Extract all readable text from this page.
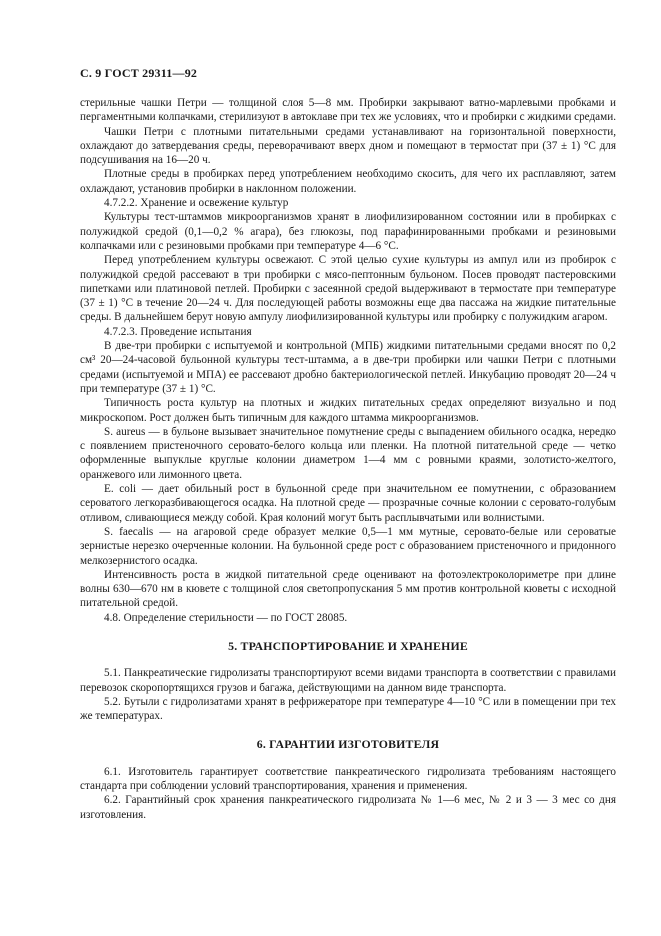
С. 9 ГОСТ 29311—92

стерильные чашки Петри — толщиной слоя 5—8 мм. Пробирки закрывают ватно-марлевыми пробками и пергаментными колпачками, стерилизуют в автоклаве при тех же условиях, что и пробирки с жидкими средами.

Чашки Петри с плотными питательными средами устанавливают на горизонтальной поверхности, охлаждают до затвердевания среды, переворачивают вверх дном и помещают в термостат при (37 ± 1) °С для подсушивания на 16—20 ч.

Плотные среды в пробирках перед употреблением необходимо скосить, для чего их расплавляют, затем охлаждают, установив пробирки в наклонном положении.

4.7.2.2. Хранение и освежение культур

Культуры тест-штаммов микроорганизмов хранят в лиофилизированном состоянии или в пробирках с полужидкой средой (0,1—0,2 % агара), без глюкозы, под парафинированными пробками и резиновыми колпачками или с резиновыми пробками при температуре 4—6 °С.

Перед употреблением культуры освежают. С этой целью сухие культуры из ампул или из пробирок с полужидкой средой рассевают в три пробирки с мясо-пептонным бульоном. Посев проводят пастеровскими пипетками или платиновой петлей. Пробирки с засеянной средой выдерживают в термостате при температуре (37 ± 1) °С в течение 20—24 ч. Для последующей работы возможны еще два пассажа на жидкие питательные среды. В дальнейшем берут новую ампулу лиофилизированной культуры или пробирку с полужидким агаром.

4.7.2.3. Проведение испытания

В две-три пробирки с испытуемой и контрольной (МПБ) жидкими питательными средами вносят по 0,2 см³ 20—24-часовой бульонной культуры тест-штамма, а в две-три пробирки или чашки Петри с плотными средами (испытуемой и МПА) ее рассевают дробно бактериологической петлей. Инкубацию проводят 20—24 ч при температуре (37 ± 1) °С.

Типичность роста культур на плотных и жидких питательных средах определяют визуально и под микроскопом. Рост должен быть типичным для каждого штамма микроорганизмов.

S. aureus — в бульоне вызывает значительное помутнение среды с выпадением обильного осадка, нередко с появлением пристеночного серовато-белого кольца или пленки. На плотной питательной среде — четко оформленные выпуклые круглые колонии диаметром 1—4 мм с ровными краями, золотисто-желтого, оранжевого или лимонного цвета.

E. coli — дает обильный рост в бульонной среде при значительном ее помутнении, с образованием сероватого легкоразбивающегося осадка. На плотной среде — прозрачные сочные колонии с серовато-голубым отливом, сливающиеся между собой. Края колоний могут быть расплывчатыми или волнистыми.

S. faecalis — на агаровой среде образует мелкие 0,5—1 мм мутные, серовато-белые или сероватые зернистые нерезко очерченные колонии. На бульонной среде рост с образованием пристеночного и придонного мелкозернистого осадка.

Интенсивность роста в жидкой питательной среде оценивают на фотоэлектроколориметре при длине волны 630—670 нм в кювете с толщиной слоя светопропускания 5 мм против контрольной кюветы с исходной питательной средой.

4.8. Определение стерильности — по ГОСТ 28085.

5. ТРАНСПОРТИРОВАНИЕ И ХРАНЕНИЕ

5.1. Панкреатические гидролизаты транспортируют всеми видами транспорта в соответствии с правилами перевозок скоропортящихся грузов и багажа, действующими на данном виде транспорта.

5.2. Бутыли с гидролизатами хранят в рефрижераторе при температуре 4—10 °С или в помещении при тех же температурах.

6. ГАРАНТИИ ИЗГОТОВИТЕЛЯ

6.1. Изготовитель гарантирует соответствие панкреатического гидролизата требованиям настоящего стандарта при соблюдении условий транспортирования, хранения и применения.

6.2. Гарантийный срок хранения панкреатического гидролизата № 1—6 мес, № 2 и 3 — 3 мес со дня изготовления.
